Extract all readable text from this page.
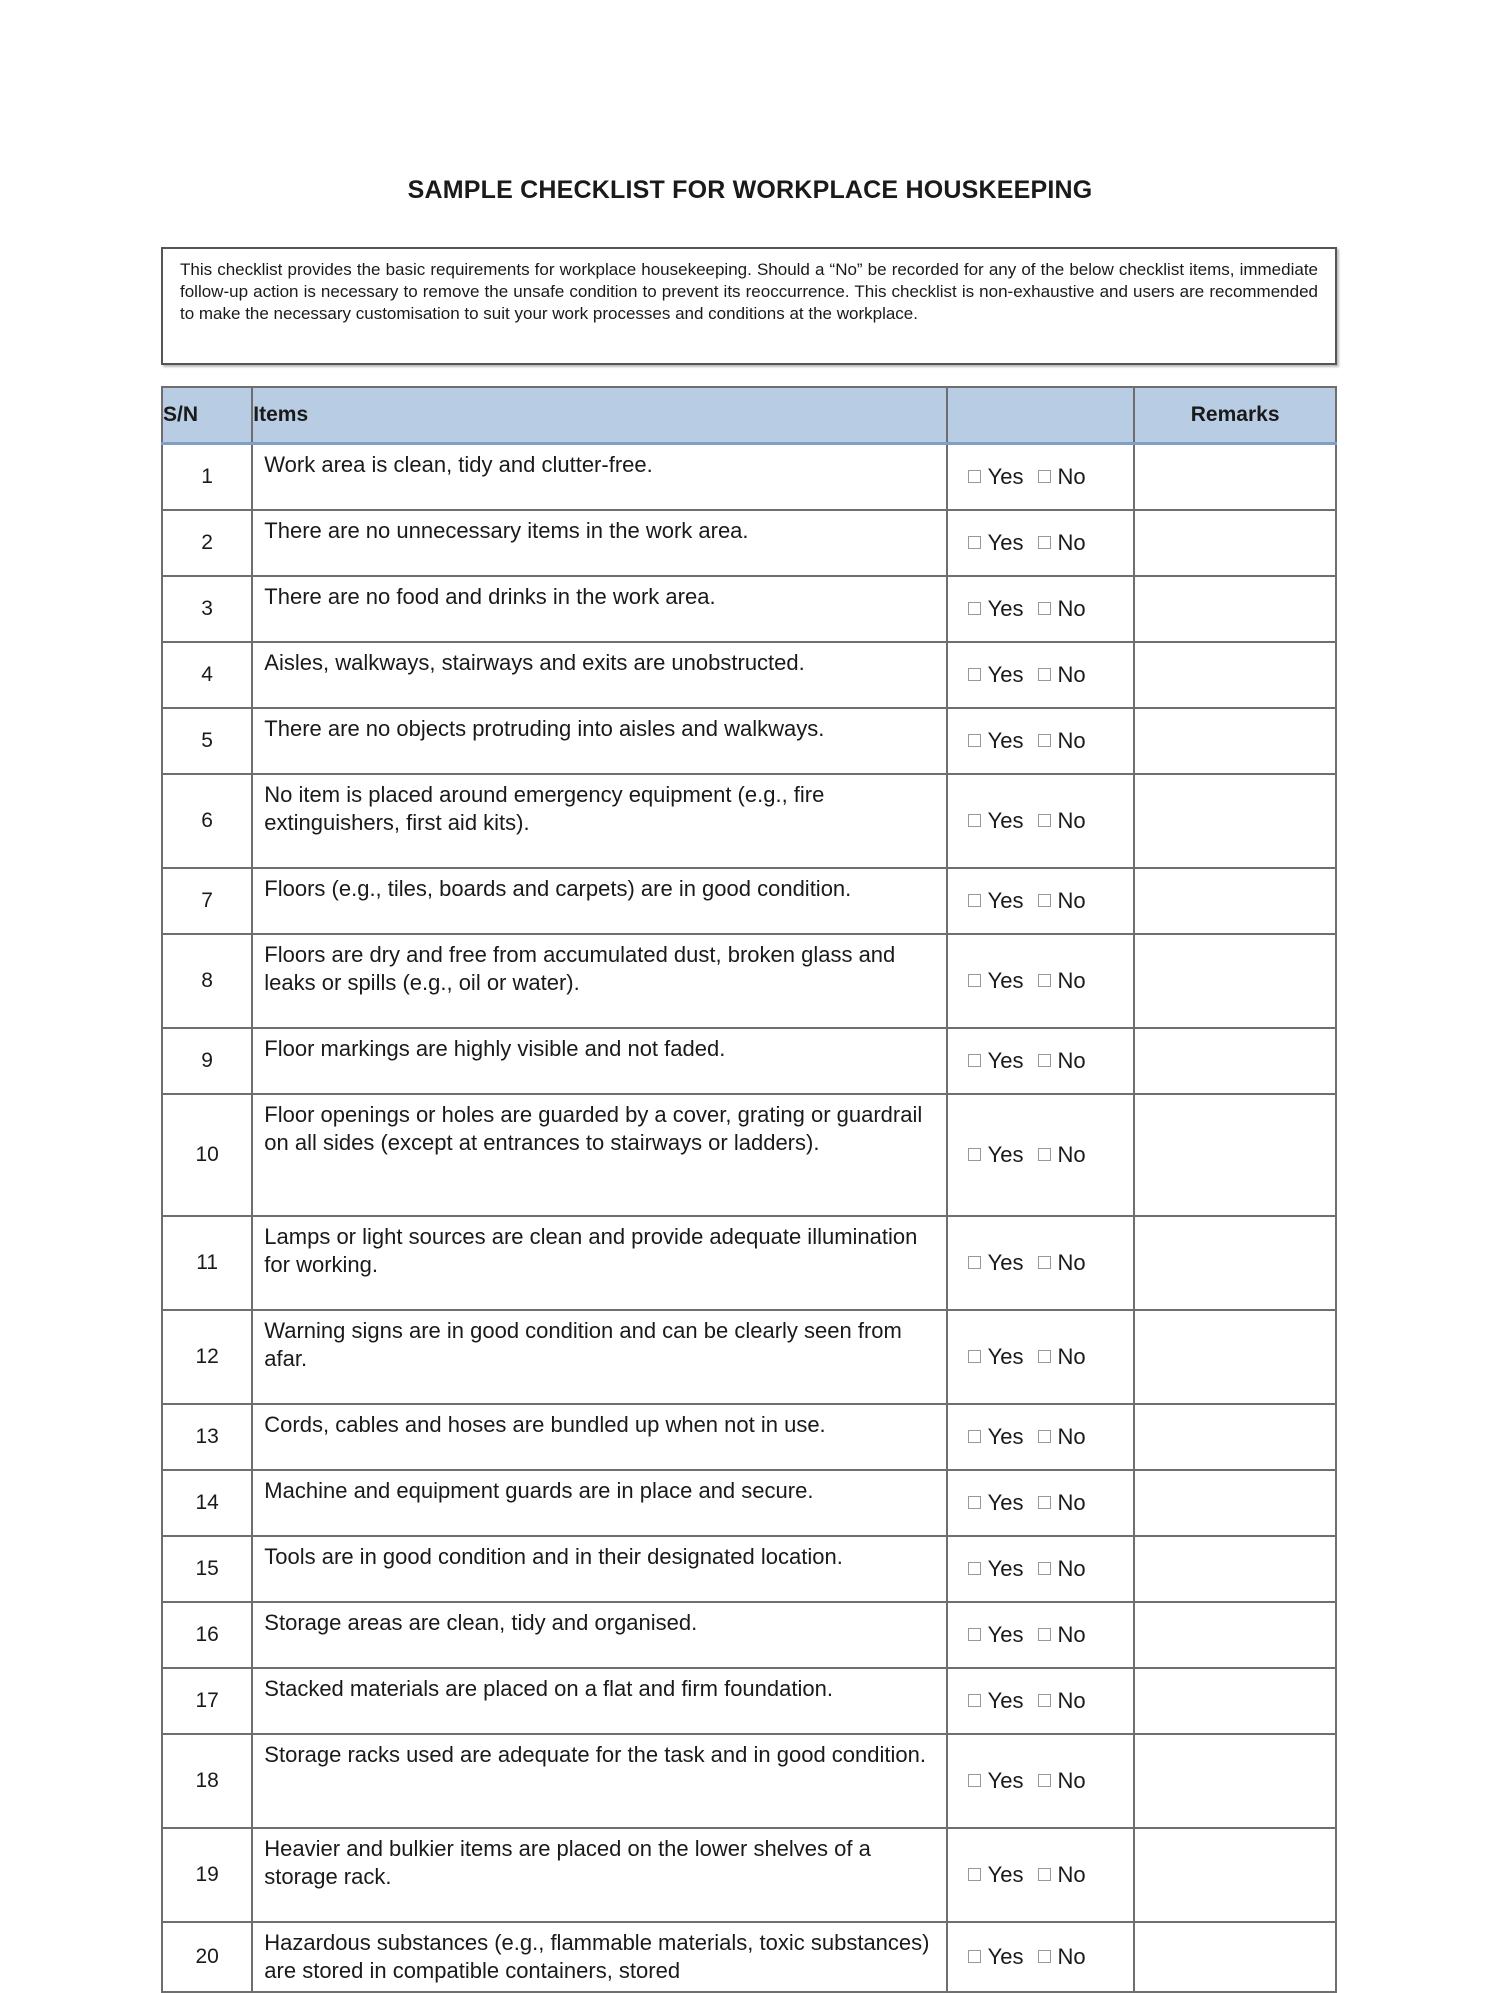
SAMPLE CHECKLIST FOR WORKPLACE HOUSKEEPING
This checklist provides the basic requirements for workplace housekeeping. Should a “No” be recorded for any of the below checklist items, immediate follow-up action is necessary to remove the unsafe condition to prevent its reoccurrence. This checklist is non-exhaustive and users are recommended to make the necessary customisation to suit your work processes and conditions at the workplace.
S/N	Items		Remarks
1	Work area is clean, tidy and clutter-free.	Yes No	
2	There are no unnecessary items in the work area.	Yes No	
3	There are no food and drinks in the work area.	Yes No	
4	Aisles, walkways, stairways and exits are unobstructed.	Yes No	
5	There are no objects protruding into aisles and walkways.	Yes No	
6	No item is placed around emergency equipment (e.g., fire extinguishers, first aid kits).	Yes No	
7	Floors (e.g., tiles, boards and carpets) are in good condition.	Yes No	
8	Floors are dry and free from accumulated dust, broken glass and leaks or spills (e.g., oil or water).	Yes No	
9	Floor markings are highly visible and not faded.	Yes No	
10	Floor openings or holes are guarded by a cover, grating or guardrail on all sides (except at entrances to stairways or ladders).	Yes No	
11	Lamps or light sources are clean and provide adequate illumination for working.	Yes No	
12	Warning signs are in good condition and can be clearly seen from afar.	Yes No	
13	Cords, cables and hoses are bundled up when not in use.	Yes No	
14	Machine and equipment guards are in place and secure.	Yes No	
15	Tools are in good condition and in their designated location.	Yes No	
16	Storage areas are clean, tidy and organised.	Yes No	
17	Stacked materials are placed on a flat and firm foundation.	Yes No	
18	Storage racks used are adequate for the task and in good condition.	Yes No	
19	Heavier and bulkier items are placed on the lower shelves of a storage rack.	Yes No	
20	Hazardous substances (e.g., flammable materials, toxic substances) are stored in compatible containers, stored	Yes No	
